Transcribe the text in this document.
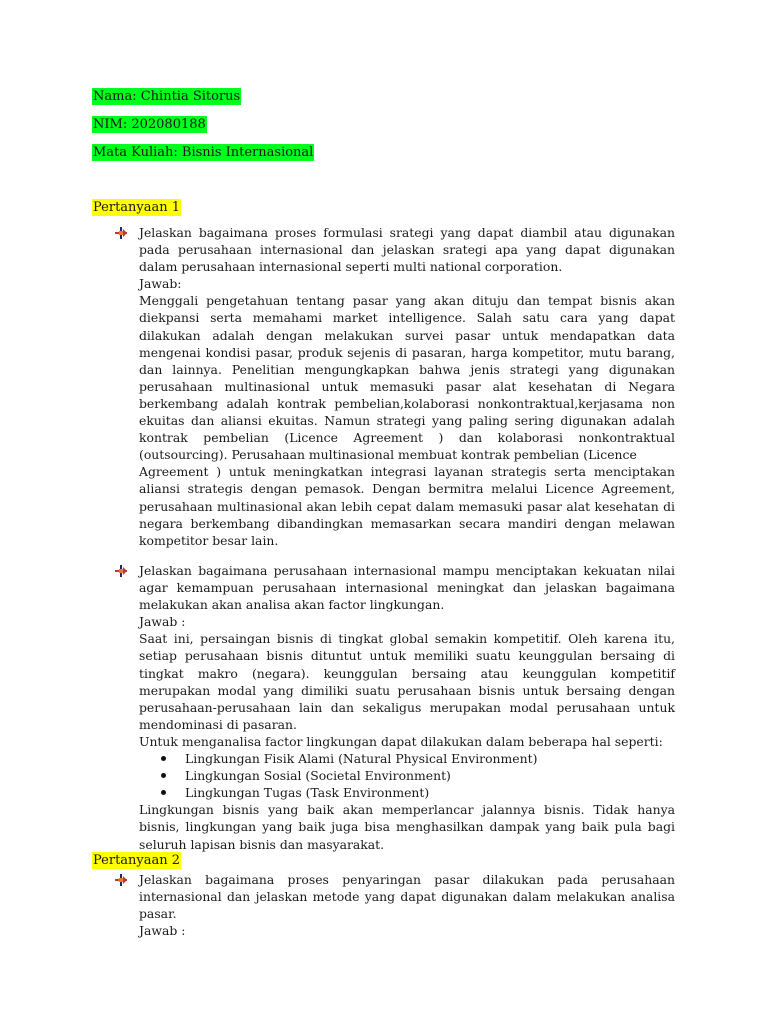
Nama: Chintia Sitorus
NIM: 202080188
Mata Kuliah: Bisnis Internasional
Pertanyaan 1

Jelaskan bagaimana proses formulasi srategi yang dapat diambil atau digunakan pada perusahaan internasional dan jelaskan srategi apa yang dapat digunakan dalam perusahaan internasional seperti multi national corporation.

Jawab:

Menggali pengetahuan tentang pasar yang akan dituju dan tempat bisnis akan diekpansi serta memahami market intelligence. Salah satu cara yang dapat dilakukan adalah dengan melakukan survei pasar untuk mendapatkan data mengenai kondisi pasar, produk sejenis di pasaran, harga kompetitor, mutu barang, dan lainnya. Penelitian mengungkapkan bahwa jenis strategi yang digunakan perusahaan multinasional untuk memasuki pasar alat kesehatan di Negara berkembang adalah kontrak pembelian,kolaborasi nonkontraktual,kerjasama non ekuitas dan aliansi ekuitas. Namun strategi yang paling sering digunakan adalah kontrak pembelian (Licence Agreement ) dan kolaborasi nonkontraktual (outsourcing). Perusahaan multinasional membuat kontrak pembelian (Licence

Agreement ) untuk meningkatkan integrasi layanan strategis serta menciptakan aliansi strategis dengan pemasok. Dengan bermitra melalui Licence Agreement, perusahaan multinasional akan lebih cepat dalam memasuki pasar alat kesehatan di negara berkembang dibandingkan memasarkan secara mandiri dengan melawan kompetitor besar lain.

Jelaskan bagaimana perusahaan internasional mampu menciptakan kekuatan nilai agar kemampuan perusahaan internasional meningkat dan jelaskan bagaimana melakukan akan analisa akan factor lingkungan.

Jawab :

Saat ini, persaingan bisnis di tingkat global semakin kompetitif. Oleh karena itu, setiap perusahaan bisnis dituntut untuk memiliki suatu keunggulan bersaing di tingkat makro (negara). keunggulan bersaing atau keunggulan kompetitif merupakan modal yang dimiliki suatu perusahaan bisnis untuk bersaing dengan perusahaan-perusahaan lain dan sekaligus merupakan modal perusahaan untuk mendominasi di pasaran.

Untuk menganalisa factor lingkungan dapat dilakukan dalam beberapa hal seperti:

Lingkungan Fisik Alami (Natural Physical Environment)
Lingkungan Sosial (Societal Environment)
Lingkungan Tugas (Task Environment)

Lingkungan bisnis yang baik akan memperlancar jalannya bisnis. Tidak hanya bisnis, lingkungan yang baik juga bisa menghasilkan dampak yang baik pula bagi seluruh lapisan bisnis dan masyarakat.

Pertanyaan 2

Jelaskan bagaimana proses penyaringan pasar dilakukan pada perusahaan internasional dan jelaskan metode yang dapat digunakan dalam melakukan analisa pasar.

Jawab :
